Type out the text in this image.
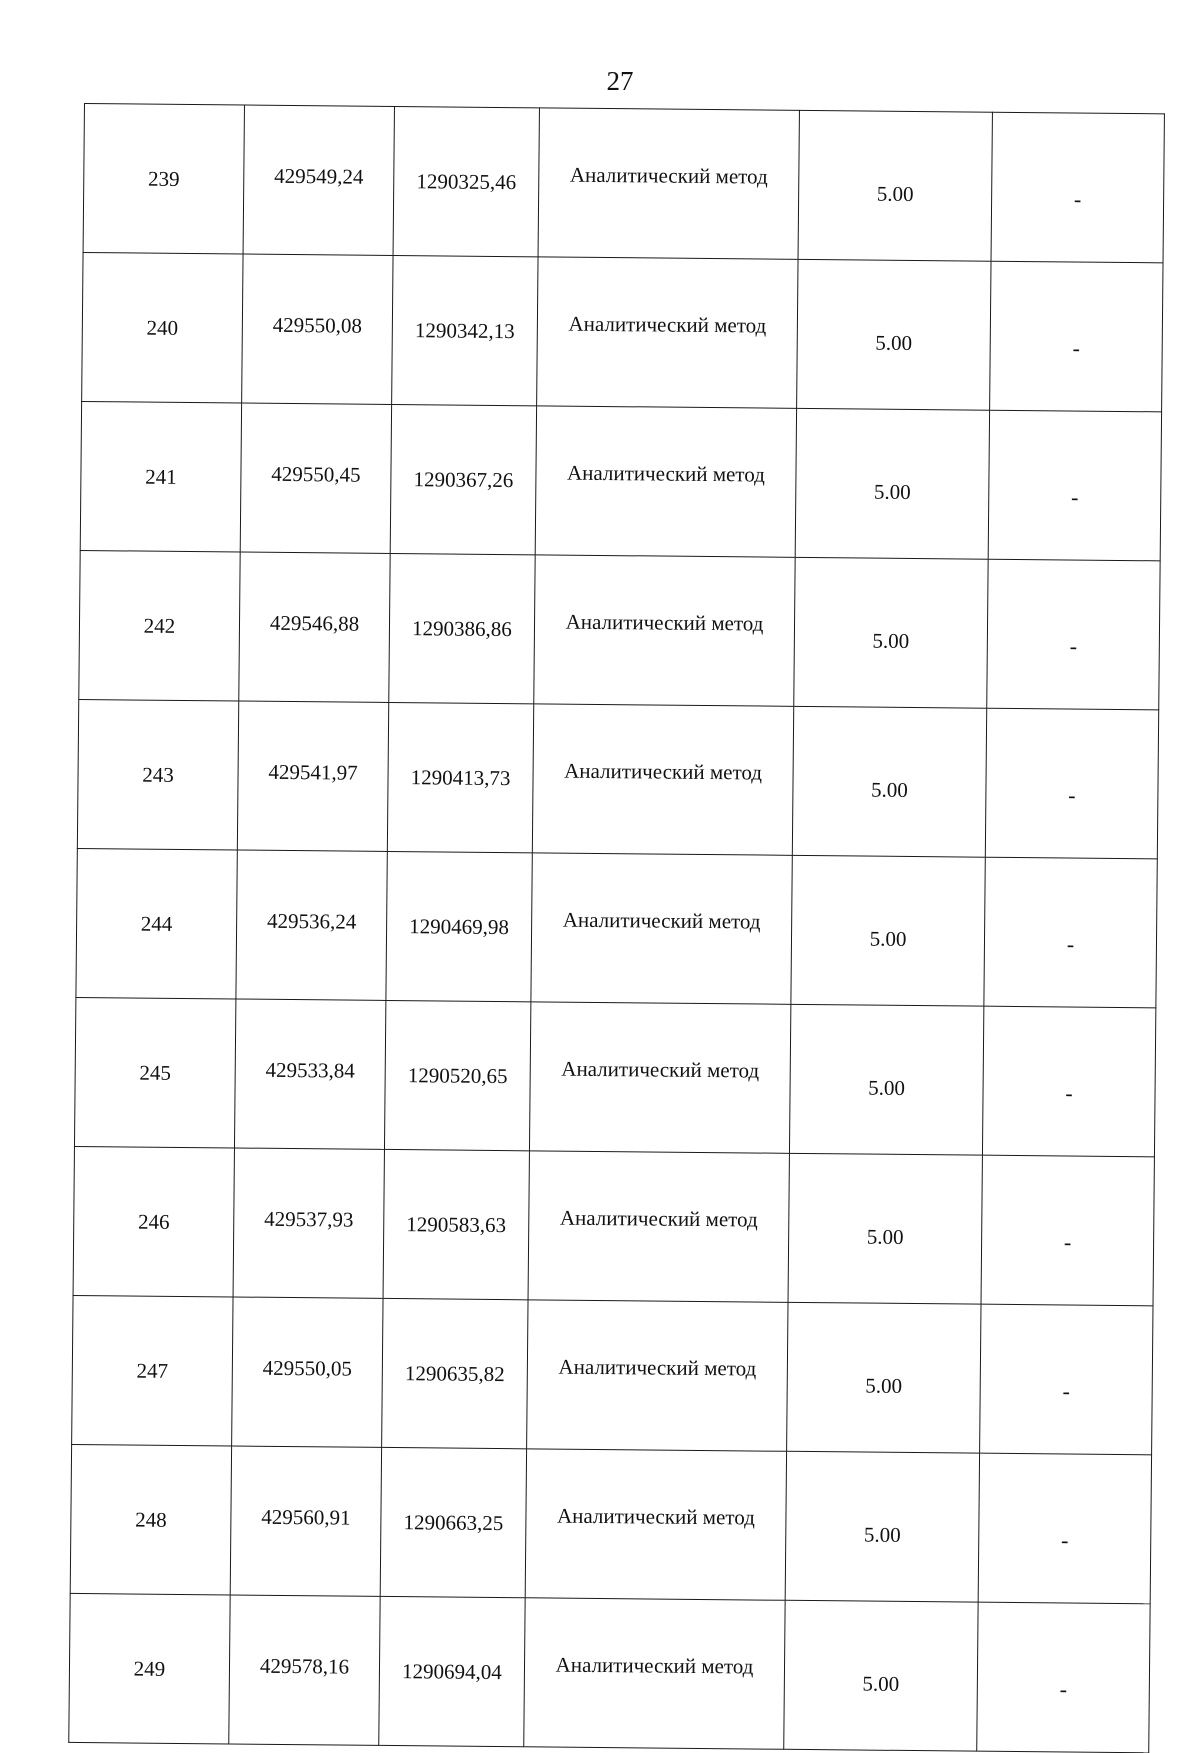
27
239	429549,24	1290325,46	Аналитический метод	5.00	-
240	429550,08	1290342,13	Аналитический метод	5.00	-
241	429550,45	1290367,26	Аналитический метод	5.00	-
242	429546,88	1290386,86	Аналитический метод	5.00	-
243	429541,97	1290413,73	Аналитический метод	5.00	-
244	429536,24	1290469,98	Аналитический метод	5.00	-
245	429533,84	1290520,65	Аналитический метод	5.00	-
246	429537,93	1290583,63	Аналитический метод	5.00	-
247	429550,05	1290635,82	Аналитический метод	5.00	-
248	429560,91	1290663,25	Аналитический метод	5.00	-
249	429578,16	1290694,04	Аналитический метод	5.00	-
